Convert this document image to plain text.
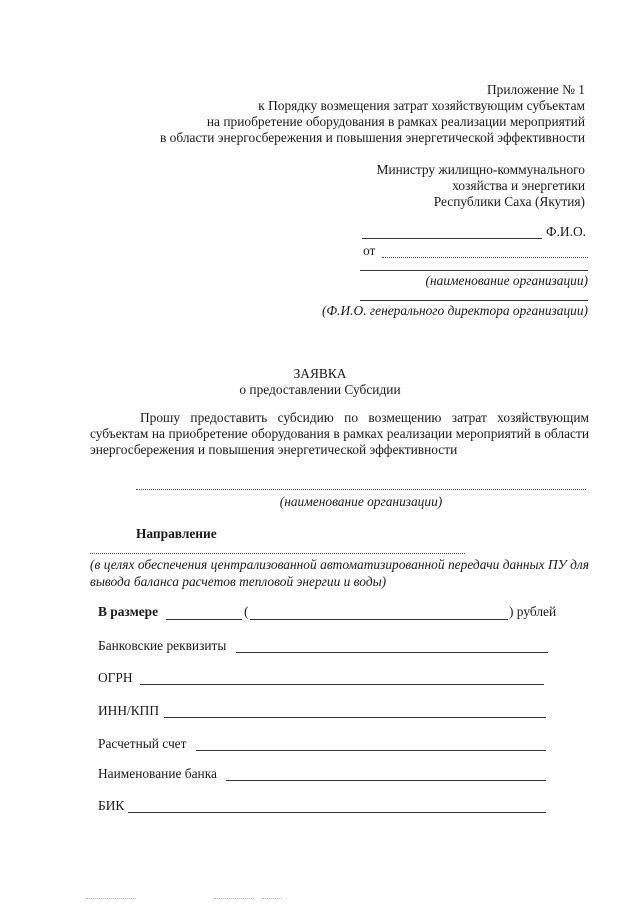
Приложение № 1
к Порядку возмещения затрат хозяйствующим субъектам
на приобретение оборудования в рамках реализации мероприятий
в области энергосбережения и повышения энергетической эффективности
Министру жилищно-коммунального
хозяйства и энергетики
Республики Саха (Якутия)
Ф.И.О.
от
(наименование организации)
(Ф.И.О. генерального директора организации)
ЗАЯВКА
о предоставлении Субсидии
Прошу предоставить субсидию по возмещению затрат хозяйствующим субъектам на приобретение оборудования в рамках реализации мероприятий в области энергосбережения и повышения энергетической эффективности
(наименование организации)
Направление
(в целях обеспечения централизованной автоматизированной передачи данных ПУ для вывода баланса расчетов тепловой энергии и воды)
В размере	(	) рублей
Банковские реквизиты
ОГРН
ИНН/КПП
Расчетный счет
Наименование банка
БИК
